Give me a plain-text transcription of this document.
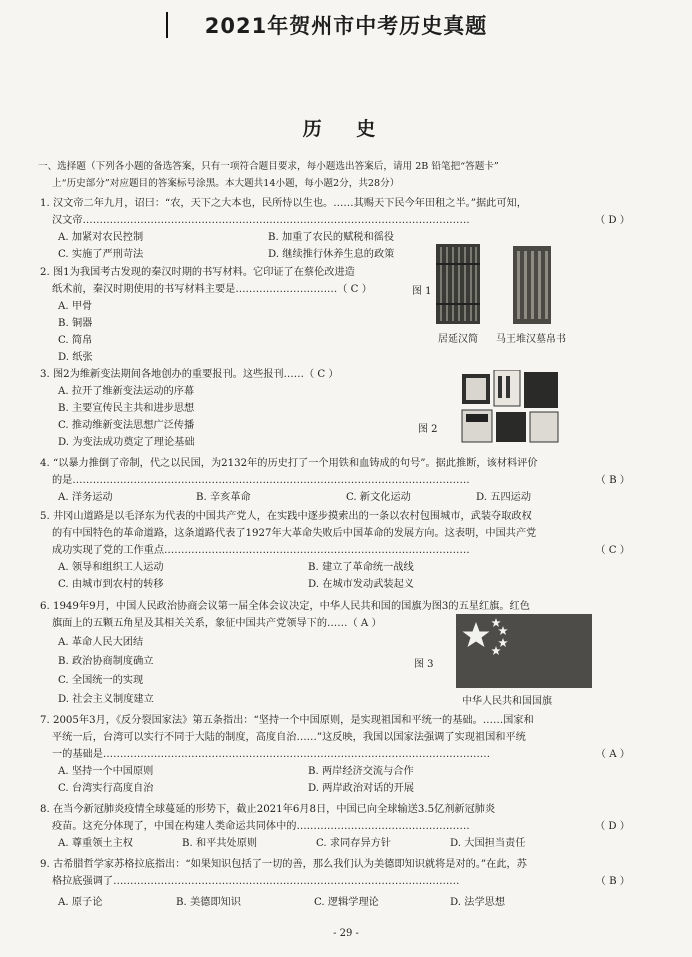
2021年贺州市中考历史真题
历 史
一、选择题（下列各小题的备选答案，只有一项符合题目要求，每小题选出答案后，请用 2B 铅笔把“答题卡”
上“历史部分”对应题目的答案标号涂黑。本大题共14小题，每小题2分，共28分）
1. 汉文帝二年九月，诏曰：“农，天下之大本也，民所恃以生也。……其赐天下民今年田租之半。”据此可知，
汉文帝……………………………………………………………………………………………………	（ D ）
A. 加紧对农民控制	B. 加重了农民的赋税和徭役
C. 实施了严刑苛法	D. 继续推行休养生息的政策
2. 图1为我国考古发现的秦汉时期的书写材料。它印证了在蔡伦改进造
纸术前，秦汉时期使用的书写材料主要是…………………………（ C ）
A. 甲骨
B. 铜器
C. 简帛
D. 纸张
图 1
居延汉简 马王堆汉墓帛书
3. 图2为维新变法期间各地创办的重要报刊。这些报刊……（ C ）
A. 拉开了维新变法运动的序幕
B. 主要宣传民主共和进步思想
C. 推动维新变法思想广泛传播
D. 为变法成功奠定了理论基础
图 2
4. “以暴力推倒了帝制，代之以民国，为2132年的历史打了一个用铁和血铸成的句号”。据此推断，该材料评价
的是………………………………………………………………………………………………………	（ B ）
A. 洋务运动	B. 辛亥革命	C. 新文化运动	D. 五四运动
5. 井冈山道路是以毛泽东为代表的中国共产党人，在实践中逐步摸索出的一条以农村包围城市，武装夺取政权
的有中国特色的革命道路，这条道路代表了1927年大革命失败后中国革命的发展方向。这表明，中国共产党
成功实现了党的工作重点………………………………………………………………………………	（ C ）
A. 领导和组织工人运动	B. 建立了革命统一战线
C. 由城市到农村的转移	D. 在城市发动武装起义
6. 1949年9月，中国人民政治协商会议第一届全体会议决定，中华人民共和国的国旗为图3的五星红旗。红色
旗面上的五颗五角星及其相关关系，象征中国共产党领导下的……（ A ）
A. 革命人民大团结
B. 政治协商制度确立
C. 全国统一的实现
D. 社会主义制度建立
图 3
中华人民共和国国旗
7. 2005年3月，《反分裂国家法》第五条指出：“坚持一个中国原则，是实现祖国和平统一的基础。……国家和
平统一后，台湾可以实行不同于大陆的制度，高度自治……”这反映，我国以国家法强调了实现祖国和平统
一的基础是……………………………………………………………………………………………………	（ A ）
A. 坚持一个中国原则	B. 两岸经济交流与合作
C. 台湾实行高度自治	D. 两岸政治对话的开展
8. 在当今新冠肺炎疫情全球蔓延的形势下，截止2021年6月8日，中国已向全球输送3.5亿剂新冠肺炎
疫苗。这充分体现了，中国在构建人类命运共同体中的……………………………………………	（ D ）
A. 尊重领土主权	B. 和平共处原则	C. 求同存异方针	D. 大国担当责任
9. 古希腊哲学家苏格拉底指出：“如果知识包括了一切的善，那么我们认为美德即知识就将是对的。”在此，苏
格拉底强调了…………………………………………………………………………………………	（ B ）
A. 原子论	B. 美德即知识	C. 逻辑学理论	D. 法学思想
- 29 -
